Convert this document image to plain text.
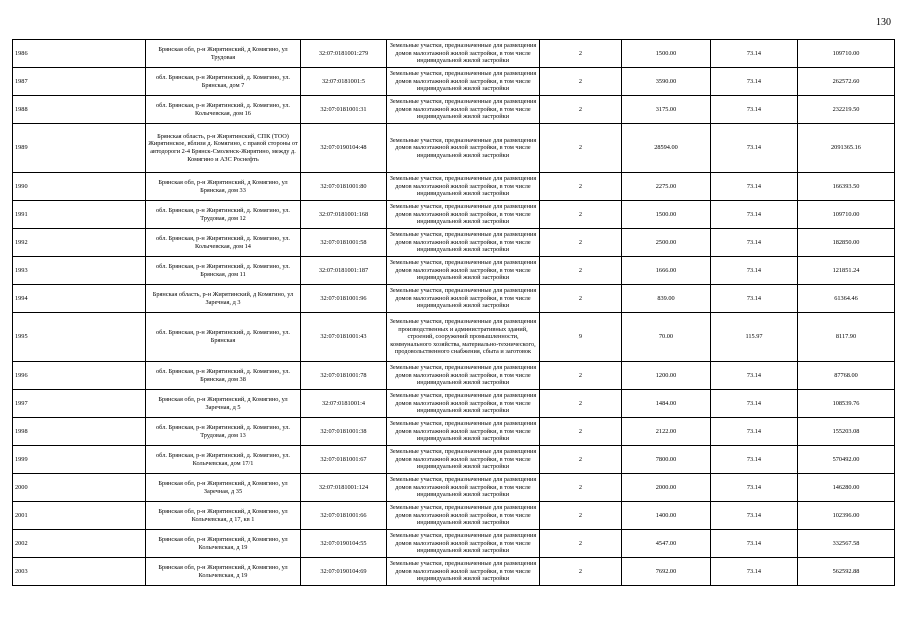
130
1986	Брянская обл, р-н Жирятинский, д Комягино, ул Трудовая	32:07:0181001:279	Земельные участки, предназначенные для размещения домов малоэтажной жилой застройки, в том числе индивидуальной жилой застройки	2	1500.00	73.14	109710.00
1987	обл. Брянская, р-н Жирятинский, д. Комягино, ул. Брянская, дом 7	32:07:0181001:5	Земельные участки, предназначенные для размещения домов малоэтажной жилой застройки, в том числе индивидуальной жилой застройки	2	3590.00	73.14	262572.60
1988	обл. Брянская, р-н Жирятинский, д. Комягино, ул. Колычевская, дом 16	32:07:0181001:31	Земельные участки, предназначенные для размещения домов малоэтажной жилой застройки, в том числе индивидуальной жилой застройки	2	3175.00	73.14	232219.50
1989	Брянская область, р-н Жирятинский, СПК (ТОО) Жирятинское, вблизи д. Комягино, с правой стороны от автодороги 2-4 Брянск-Смоленск-Жирятино, между д. Комягино и АЗС Роснефть	32:07:0190104:48	Земельные участки, предназначенные для размещения домов малоэтажной жилой застройки, в том числе индивидуальной жилой застройки	2	28594.00	73.14	2091365.16
1990	Брянская обл, р-н Жирятинский, д Комягино, ул Брянская, дом 33	32:07:0181001:80	Земельные участки, предназначенные для размещения домов малоэтажной жилой застройки, в том числе индивидуальной жилой застройки	2	2275.00	73.14	166393.50
1991	обл. Брянская, р-н Жирятинский, д. Комягино, ул. Трудовая, дом 12	32:07:0181001:168	Земельные участки, предназначенные для размещения домов малоэтажной жилой застройки, в том числе индивидуальной жилой застройки	2	1500.00	73.14	109710.00
1992	обл. Брянская, р-н Жирятинский, д. Комягино, ул. Колычевская, дом 14	32:07:0181001:58	Земельные участки, предназначенные для размещения домов малоэтажной жилой застройки, в том числе индивидуальной жилой застройки	2	2500.00	73.14	182850.00
1993	обл. Брянская, р-н Жирятинский, д. Комягино, ул. Брянская, дом 11	32:07:0181001:187	Земельные участки, предназначенные для размещения домов малоэтажной жилой застройки, в том числе индивидуальной жилой застройки	2	1666.00	73.14	121851.24
1994	Брянская область, р-н Жирятинский, д Комягино, ул Заречная, д 3	32:07:0181001:96	Земельные участки, предназначенные для размещения домов малоэтажной жилой застройки, в том числе индивидуальной жилой застройки	2	839.00	73.14	61364.46
1995	обл. Брянская, р-н Жирятинский, д. Комягино, ул. Брянская	32:07:0181001:43	Земельные участки, предназначенные для размещения производственных и административных зданий, строений, сооружений промышленности, коммунального хозяйства, материально-технического, продовольственного снабжения, сбыта и заготовок	9	70.00	115.97	8117.90
1996	обл. Брянская, р-н Жирятинский, д. Комягино, ул. Брянская, дом 38	32:07:0181001:78	Земельные участки, предназначенные для размещения домов малоэтажной жилой застройки, в том числе индивидуальной жилой застройки	2	1200.00	73.14	87768.00
1997	Брянская обл, р-н Жирятинский, д Комягино, ул Заречная, д 5	32:07:0181001:4	Земельные участки, предназначенные для размещения домов малоэтажной жилой застройки, в том числе индивидуальной жилой застройки	2	1484.00	73.14	108539.76
1998	обл. Брянская, р-н Жирятинский, д. Комягино, ул. Трудовая, дом 13	32:07:0181001:38	Земельные участки, предназначенные для размещения домов малоэтажной жилой застройки, в том числе индивидуальной жилой застройки	2	2122.00	73.14	155203.08
1999	обл. Брянская, р-н Жирятинский, д. Комягино, ул. Колычевская, дом 17/1	32:07:0181001:67	Земельные участки, предназначенные для размещения домов малоэтажной жилой застройки, в том числе индивидуальной жилой застройки	2	7800.00	73.14	570492.00
2000	Брянская обл, р-н Жирятинский, д Комягино, ул Заречная, д 35	32:07:0181001:124	Земельные участки, предназначенные для размещения домов малоэтажной жилой застройки, в том числе индивидуальной жилой застройки	2	2000.00	73.14	146280.00
2001	Брянская обл, р-н Жирятинский, д Комягино, ул Колычевская, д 17, кв 1	32:07:0181001:66	Земельные участки, предназначенные для размещения домов малоэтажной жилой застройки, в том числе индивидуальной жилой застройки	2	1400.00	73.14	102396.00
2002	Брянская обл, р-н Жирятинский, д Комягино, ул Колычевская, д 19	32:07:0190104:55	Земельные участки, предназначенные для размещения домов малоэтажной жилой застройки, в том числе индивидуальной жилой застройки	2	4547.00	73.14	332567.58
2003	Брянская обл, р-н Жирятинский, д Комягино, ул Колычевская, д 19	32:07:0190104:69	Земельные участки, предназначенные для размещения домов малоэтажной жилой застройки, в том числе индивидуальной жилой застройки	2	7692.00	73.14	562592.88
